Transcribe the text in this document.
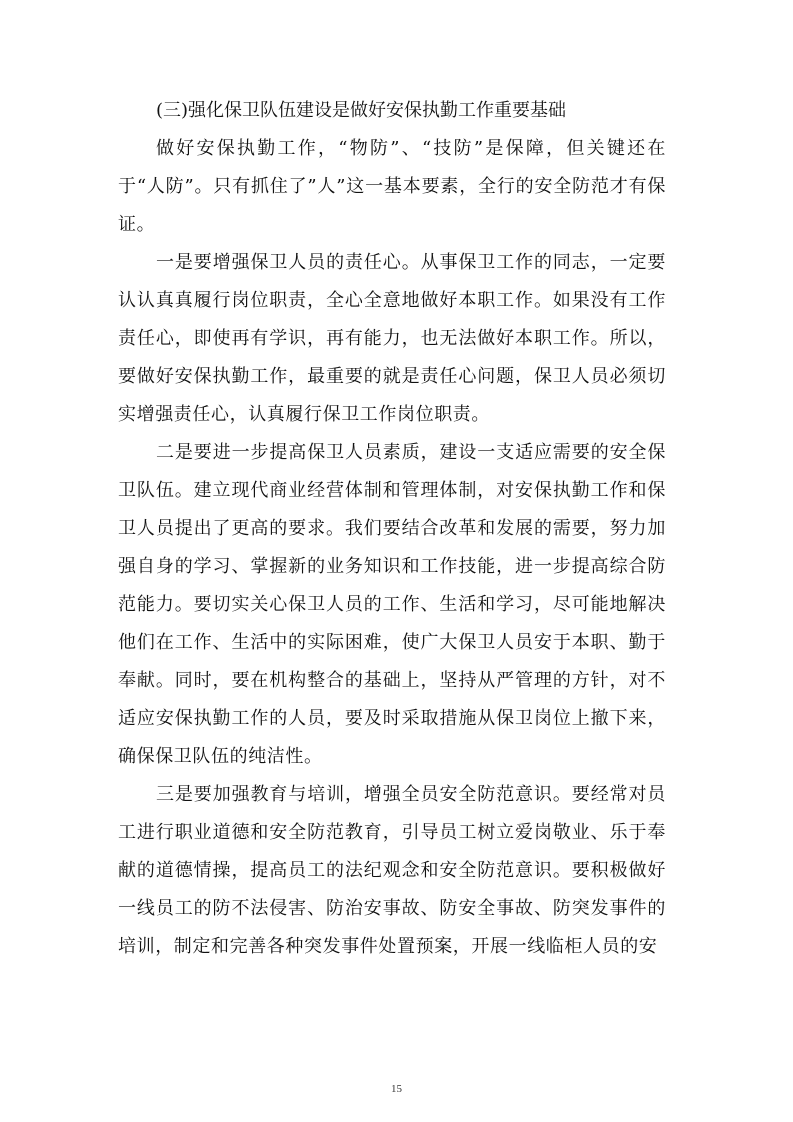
(三)强化保卫队伍建设是做好安保执勤工作重要基础

做好安保执勤工作，“物防”、“技防”是保障，但关键还在于“人防”。只有抓住了”人”这一基本要素，全行的安全防范才有保证。

一是要增强保卫人员的责任心。从事保卫工作的同志，一定要认认真真履行岗位职责，全心全意地做好本职工作。如果没有工作责任心，即使再有学识，再有能力，也无法做好本职工作。所以，要做好安保执勤工作，最重要的就是责任心问题，保卫人员必须切实增强责任心，认真履行保卫工作岗位职责。

二是要进一步提高保卫人员素质，建设一支适应需要的安全保卫队伍。建立现代商业经营体制和管理体制，对安保执勤工作和保卫人员提出了更高的要求。我们要结合改革和发展的需要，努力加强自身的学习、掌握新的业务知识和工作技能，进一步提高综合防范能力。要切实关心保卫人员的工作、生活和学习，尽可能地解决他们在工作、生活中的实际困难，使广大保卫人员安于本职、勤于奉献。同时，要在机构整合的基础上，坚持从严管理的方针，对不适应安保执勤工作的人员，要及时采取措施从保卫岗位上撤下来，确保保卫队伍的纯洁性。

三是要加强教育与培训，增强全员安全防范意识。要经常对员工进行职业道德和安全防范教育，引导员工树立爱岗敬业、乐于奉献的道德情操，提高员工的法纪观念和安全防范意识。要积极做好一线员工的防不法侵害、防治安事故、防安全事故、防突发事件的培训，制定和完善各种突发事件处置预案，开展一线临柜人员的安

15
